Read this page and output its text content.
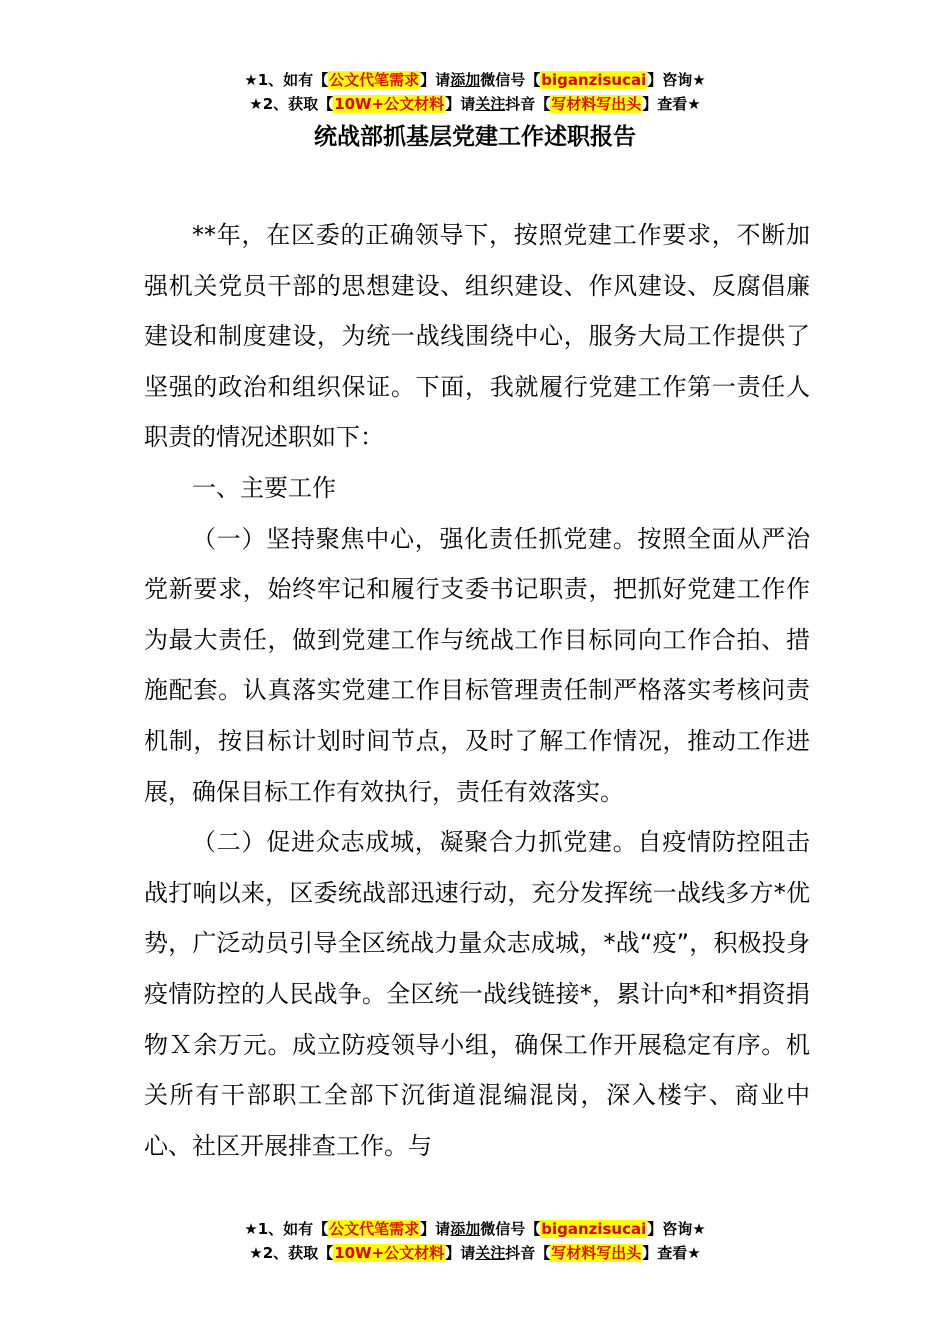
★1、如有【公文代笔需求】请添加微信号【biganzisucai】咨询★
★2、获取【10W+公文材料】请关注抖音【写材料写出头】查看★
统战部抓基层党建工作述职报告

**年，在区委的正确领导下，按照党建工作要求，不断加强机关党员干部的思想建设、组织建设、作风建设、反腐倡廉建设和制度建设，为统一战线围绕中心，服务大局工作提供了坚强的政治和组织保证。下面，我就履行党建工作第一责任人职责的情况述职如下：

一、主要工作

（一）坚持聚焦中心，强化责任抓党建。按照全面从严治党新要求，始终牢记和履行支委书记职责，把抓好党建工作作为最大责任，做到党建工作与统战工作目标同向工作合拍、措施配套。认真落实党建工作目标管理责任制严格落实考核问责机制，按目标计划时间节点，及时了解工作情况，推动工作进展，确保目标工作有效执行，责任有效落实。

（二）促进众志成城，凝聚合力抓党建。自疫情防控阻击战打响以来，区委统战部迅速行动，充分发挥统一战线多方*优势，广泛动员引导全区统战力量众志成城，*战“疫”，积极投身疫情防控的人民战争。全区统一战线链接*，累计向*和*捐资捐物Ｘ余万元。成立防疫领导小组，确保工作开展稳定有序。机关所有干部职工全部下沉街道混编混岗，深入楼宇、商业中心、社区开展排查工作。与

★1、如有【公文代笔需求】请添加微信号【biganzisucai】咨询★
★2、获取【10W+公文材料】请关注抖音【写材料写出头】查看★
